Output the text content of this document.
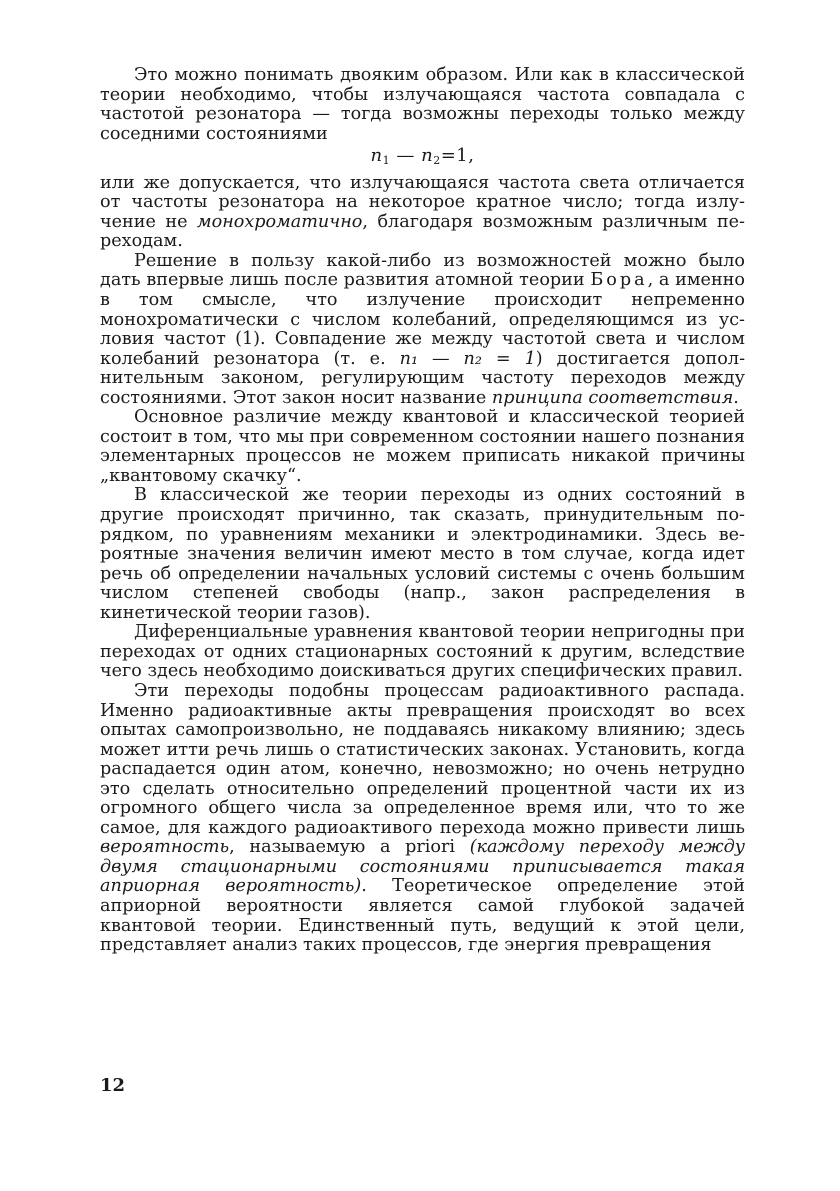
Это можно понимать двояким образом. Или как в классической теории необходимо, чтобы излучающаяся частота совпадала с частотой резонатора — тогда возможны переходы только между соседними состояниями

$n_1$ — $n_2=1$,

или же допускается, что излучающаяся частота света отличается от частоты резонатора на некоторое кратное число; тогда излучение не монохроматично, благодаря возможным различным переходам.

Решение в пользу какой-либо из возможностей можно было дать впервые лишь после развития атомной теории Бора, а именно в том смысле, что излучение происходит непременно монохроматически с числом колебаний, определяющимся из условия частот (1). Совпадение же между частотой света и числом колебаний резонатора (т. е. n₁ — n₂ = 1) достигается дополнительным законом, регулирующим частоту переходов между состояниями. Этот закон носит название принципа соответствия.

Основное различие между квантовой и классической теорией состоит в том, что мы при современном состоянии нашего познания элементарных процессов не можем приписать никакой причины „квантовому скачку“.

В классической же теории переходы из одних состояний в другие происходят причинно, так сказать, принудительным порядком, по уравнениям механики и электродинамики. Здесь вероятные значения величин имеют место в том случае, когда идет речь об определении начальных условий системы с очень большим числом степеней свободы (напр., закон распределения в кинетической теории газов).

Диференциальные уравнения квантовой теории непригодны при переходах от одних стационарных состояний к другим, вследствие чего здесь необходимо доискиваться других специфических правил.

Эти переходы подобны процессам радиоактивного распада. Именно радиоактивные акты превращения происходят во всех опытах самопроизвольно, не поддаваясь никакому влиянию; здесь может итти речь лишь о статистических законах. Установить, когда распадается один атом, конечно, невозможно; но очень нетрудно это сделать относительно определений процентной части их из огромного общего числа за определенное время или, что то же самое, для каждого радиоактивого перехода можно привести лишь вероятность, называемую a priori (каждому переходу между двумя стационарными состояниями приписывается такая априорная вероятность). Теоретическое определение этой априорной вероятности является самой глубокой задачей квантовой теории. Единственный путь, ведущий к этой цели, представляет анализ таких процессов, где энергия превращения

12
